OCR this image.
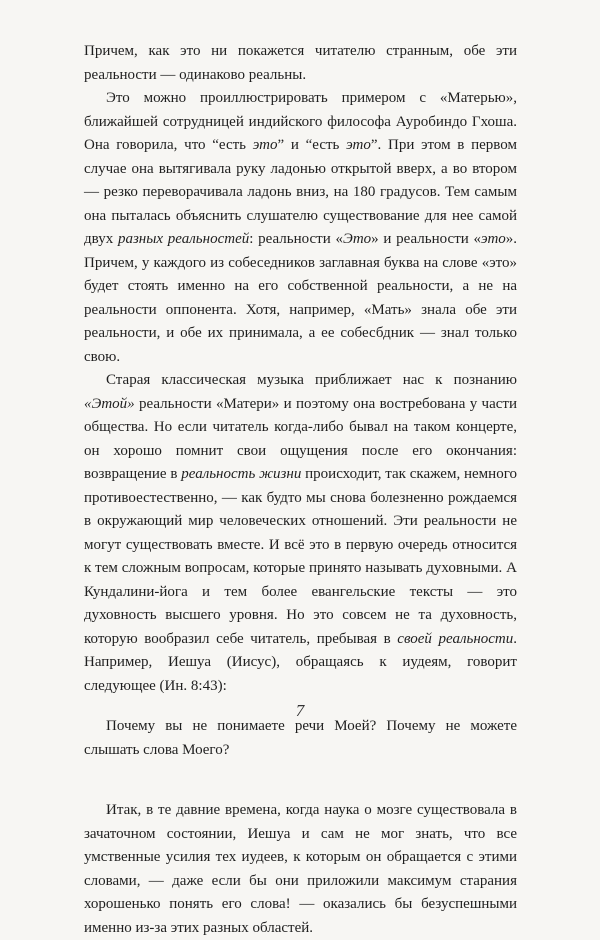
Причем, как это ни покажется читателю странным, обе эти реальности — одинаково реальны.

Это можно проиллюстрировать примером с «Матерью», ближайшей сотрудницей индийского философа Ауробиндо Гхоша. Она говорила, что “есть это” и “есть это”. При этом в первом случае она вытягивала руку ладонью открытой вверх, а во втором — резко переворачивала ладонь вниз, на 180 градусов. Тем самым она пыталась объяснить слушателю существование для нее самой двух разных реальностей: реальности «Это» и реальности «это». Причем, у каждого из собеседников заглавная буква на слове «это» будет стоять именно на его собственной реальности, а не на реальности оппонента. Хотя, например, «Мать» знала обе эти реальности, и обе их принимала, а ее собесбдник — знал только свою.

Старая классическая музыка приближает нас к познанию «Этой» реальности «Матери» и поэтому она востребована у части общества. Но если читатель когда-либо бывал на таком концерте, он хорошо помнит свои ощущения после его окончания: возвращение в реальность жизни происходит, так скажем, немного противоестественно, — как будто мы снова болезненно рождаемся в окружающий мир человеческих отношений. Эти реальности не могут существовать вместе. И всё это в первую очередь относится к тем сложным вопросам, которые принято называть духовными. А Кундалини-йога и тем более евангельские тексты — это духовность высшего уровня. Но это совсем не та духовность, которую вообразил себе читатель, пребывая в своей реальности. Например, Иешуа (Иисус), обращаясь к иудеям, говорит следующее (Ин. 8:43):

Почему вы не понимаете речи Моей? Почему не можете слышать слова Моего?

Итак, в те давние времена, когда наука о мозге существовала в зачаточном состоянии, Иешуа и сам не мог знать, что все умственные усилия тех иудеев, к которым он обращается с этими словами, — даже если бы они приложили максимум старания хорошенько понять его слова! — оказались бы безуспешными именно из-за этих разных областей.

7
